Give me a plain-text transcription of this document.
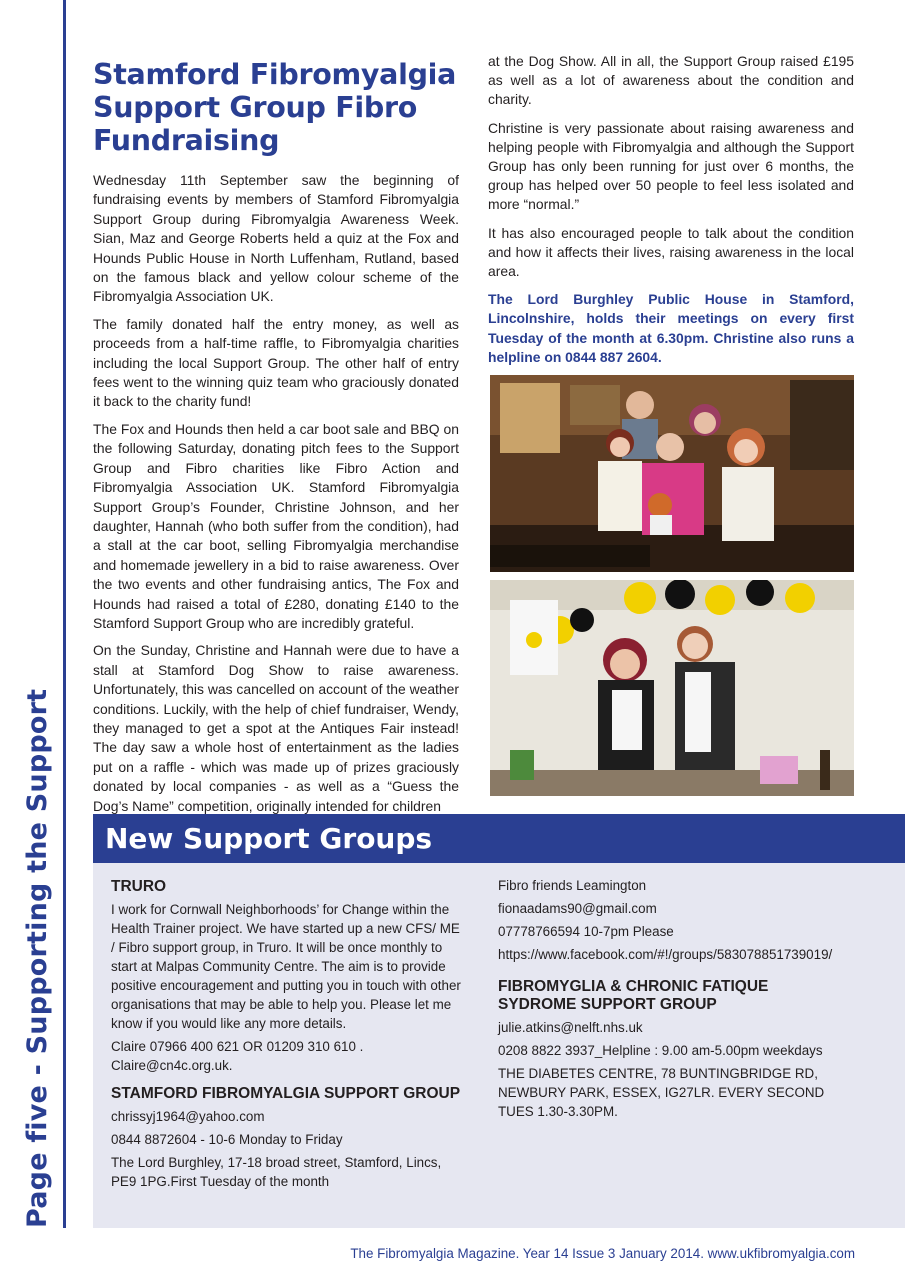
Page five - Supporting the Support
Stamford Fibromyalgia Support Group Fibro Fundraising

Wednesday 11th September saw the beginning of fundraising events by members of Stamford Fibromyalgia Support Group during Fibromyalgia Awareness Week. Sian, Maz and George Roberts held a quiz at the Fox and Hounds Public House in North Luffenham, Rutland, based on the famous black and yellow colour scheme of the Fibromyalgia Association UK.

The family donated half the entry money, as well as proceeds from a half-time raffle, to Fibromyalgia charities including the local Support Group. The other half of entry fees went to the winning quiz team who graciously donated it back to the charity fund!

The Fox and Hounds then held a car boot sale and BBQ on the following Saturday, donating pitch fees to the Support Group and Fibro charities like Fibro Action and Fibromyalgia Association UK. Stamford Fibromyalgia Support Group’s Founder, Christine Johnson, and her daughter, Hannah (who both suffer from the condition), had a stall at the car boot, selling Fibromyalgia merchandise and homemade jewellery in a bid to raise awareness. Over the two events and other fundraising antics, The Fox and Hounds had raised a total of £280, donating £140 to the Stamford Support Group who are incredibly grateful.

On the Sunday, Christine and Hannah were due to have a stall at Stamford Dog Show to raise awareness. Unfortunately, this was cancelled on account of the weather conditions. Luckily, with the help of chief fundraiser, Wendy, they managed to get a spot at the Antiques Fair instead! The day saw a whole host of entertainment as the ladies put on a raffle - which was made up of prizes graciously donated by local companies - as well as a “Guess the Dog’s Name” competition, originally intended for children

at the Dog Show. All in all, the Support Group raised £195 as well as a lot of awareness about the condition and charity.

Christine is very passionate about raising awareness and helping people with Fibromyalgia and although the Support Group has only been running for just over 6 months, the group has helped over 50 people to feel less isolated and more “normal.”

It has also encouraged people to talk about the condition and how it affects their lives, raising awareness in the local area.

The Lord Burghley Public House in Stamford, Lincolnshire, holds their meetings on every first Tuesday of the month at 6.30pm. Christine also runs a helpline on 0844 887 2604.

New Support Groups

TRURO

I work for Cornwall Neighborhoods’ for Change within the Health Trainer project. We have started up a new CFS/ ME / Fibro support group, in Truro. It will be once monthly to start at Malpas Community Centre. The aim is to provide positive encouragement and putting you in touch with other organisations that may be able to help you. Please let me know if you would like any more details.

Claire 07966 400 621 OR 01209 310 610 . Claire@cn4c.org.uk.

STAMFORD FIBROMYALGIA SUPPORT GROUP

chrissyj1964@yahoo.com

0844 8872604 - 10-6 Monday to Friday

The Lord Burghley, 17-18 broad street, Stamford, Lincs, PE9 1PG.First Tuesday of the month

Fibro friends Leamington

fionaadams90@gmail.com

07778766594 10-7pm Please

https://www.facebook.com/#!/groups/583078851739019/

FIBROMYGLIA & CHRONIC FATIQUE SYDROME SUPPORT GROUP

julie.atkins@nelft.nhs.uk

0208 8822 3937_Helpline : 9.00 am-5.00pm weekdays

THE DIABETES CENTRE, 78 BUNTINGBRIDGE RD, NEWBURY PARK, ESSEX, IG27LR. EVERY SECOND TUES 1.30-3.30PM.

The Fibromyalgia Magazine. Year 14 Issue 3 January 2014. www.ukfibromyalgia.com
